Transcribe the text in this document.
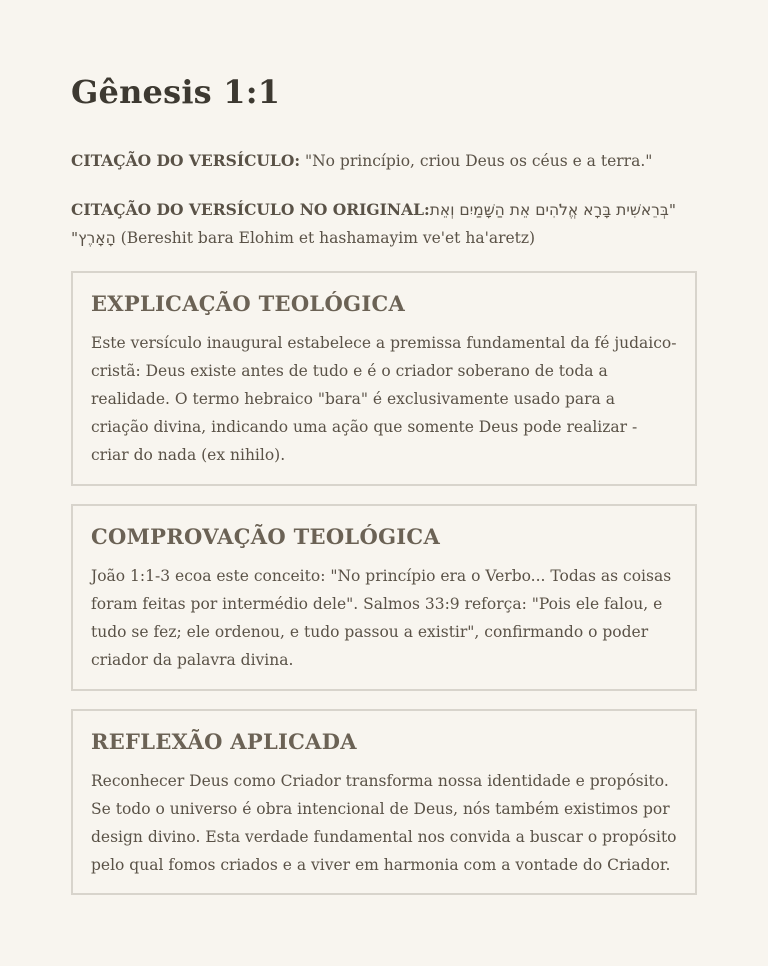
Gênesis 1:1

CITAÇÃO DO VERSÍCULO: "No princípio, criou Deus os céus e a terra."

CITAÇÃO DO VERSÍCULO NO ORIGINAL: "בְּרֵאשִׁית בָּרָא אֱלֹהִים אֵת הַשָּׁמַיִם וְאֵת הָאָרֶץ" (Bereshit bara Elohim et hashamayim ve'et ha'aretz)

EXPLICAÇÃO TEOLÓGICA

Este versículo inaugural estabelece a premissa fundamental da fé judaico-cristã: Deus existe antes de tudo e é o criador soberano de toda a realidade. O termo hebraico "bara" é exclusivamente usado para a criação divina, indicando uma ação que somente Deus pode realizar - criar do nada (ex nihilo).

COMPROVAÇÃO TEOLÓGICA

João 1:1-3 ecoa este conceito: "No princípio era o Verbo... Todas as coisas foram feitas por intermédio dele". Salmos 33:9 reforça: "Pois ele falou, e tudo se fez; ele ordenou, e tudo passou a existir", confirmando o poder criador da palavra divina.

REFLEXÃO APLICADA

Reconhecer Deus como Criador transforma nossa identidade e propósito. Se todo o universo é obra intencional de Deus, nós também existimos por design divino. Esta verdade fundamental nos convida a buscar o propósito pelo qual fomos criados e a viver em harmonia com a vontade do Criador.
